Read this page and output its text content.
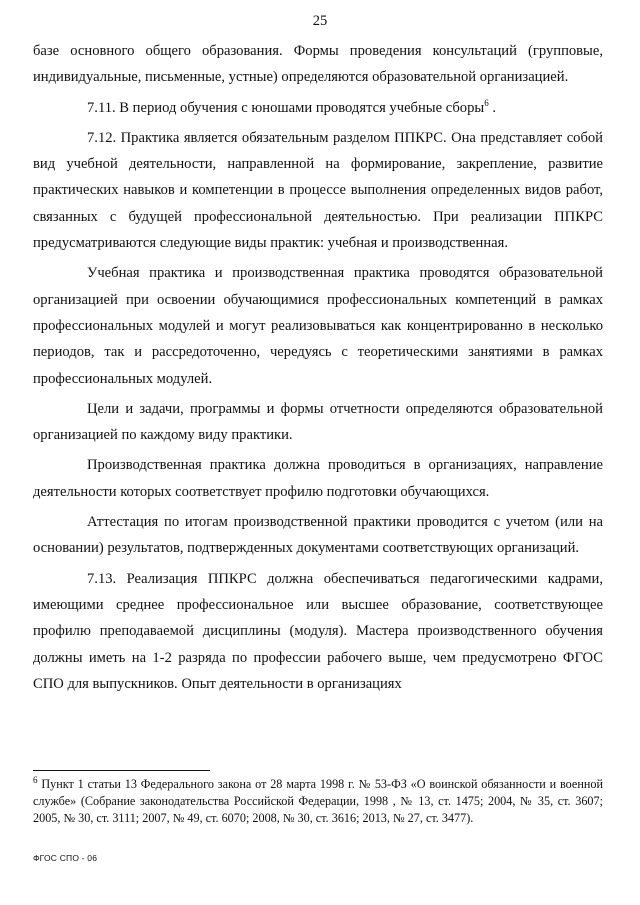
25

базе основного общего образования. Формы проведения консультаций (групповые, индивидуальные, письменные, устные) определяются образовательной организацией.

7.11. В период обучения с юношами проводятся учебные сборы$^6$ .

7.12. Практика является обязательным разделом ППКРС. Она представляет собой вид учебной деятельности, направленной на формирование, закрепление, развитие практических навыков и компетенции в процессе выполнения определенных видов работ, связанных с будущей профессиональной деятельностью. При реализации ППКРС предусматриваются следующие виды практик: учебная и производственная.

Учебная практика и производственная практика проводятся образовательной организацией при освоении обучающимися профессиональных компетенций в рамках профессиональных модулей и могут реализовываться как концентрированно в несколько периодов, так и рассредоточенно, чередуясь с теоретическими занятиями в рамках профессиональных модулей.

Цели и задачи, программы и формы отчетности определяются образовательной организацией по каждому виду практики.

Производственная практика должна проводиться в организациях, направление деятельности которых соответствует профилю подготовки обучающихся.

Аттестация по итогам производственной практики проводится с учетом (или на основании) результатов, подтвержденных документами соответствующих организаций.

7.13. Реализация ППКРС должна обеспечиваться педагогическими кадрами, имеющими среднее профессиональное или высшее образование, соответствующее профилю преподаваемой дисциплины (модуля). Мастера производственного обучения должны иметь на 1-2 разряда по профессии рабочего выше, чем предусмотрено ФГОС СПО для выпускников. Опыт деятельности в организациях

$^6$ Пункт 1 статьи 13 Федерального закона от 28 марта 1998 г. № 53-ФЗ «О воинской обязанности и военной службе» (Собрание законодательства Российской Федерации, 1998 , № 13, ст. 1475; 2004, № 35, ст. 3607; 2005, № 30, ст. 3111; 2007, № 49, ст. 6070; 2008, № 30, ст. 3616; 2013, № 27, ст. 3477).

ФГОС СПО - 06
